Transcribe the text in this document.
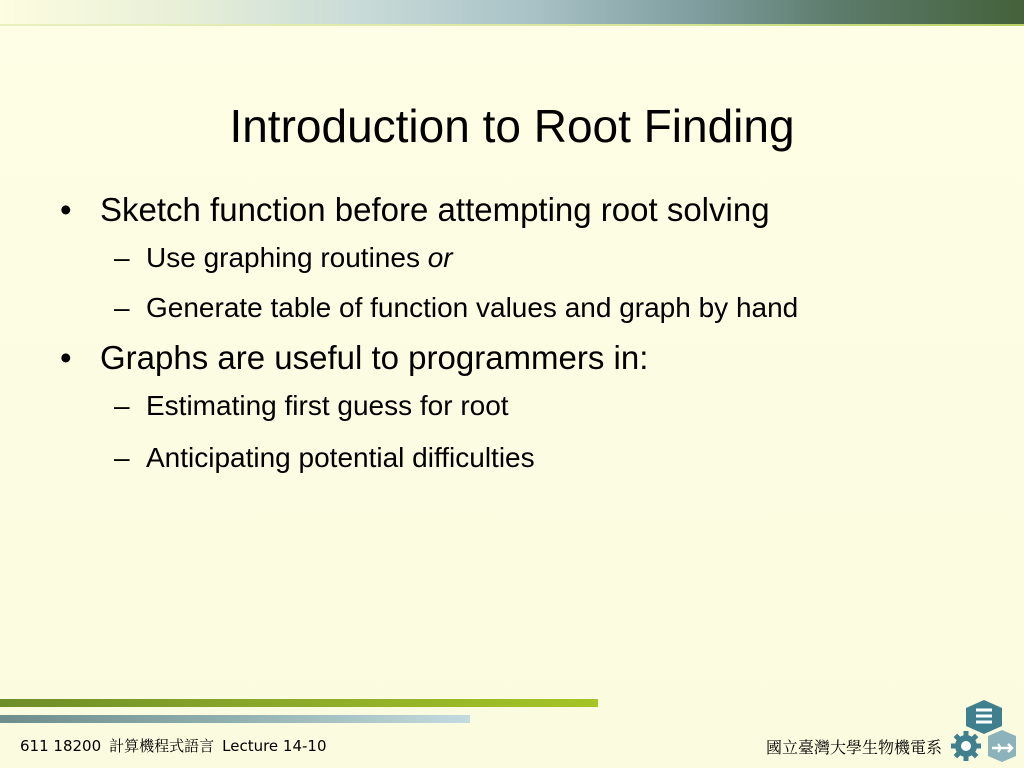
Introduction to Root Finding
• Sketch function before attempting root solving
– Use graphing routines or
– Generate table of function values and graph by hand
• Graphs are useful to programmers in:
– Estimating first guess for root
– Anticipating potential difficulties
611 18200 計算機程式語言 Lecture 14-10	國立臺灣大學生物機電系
